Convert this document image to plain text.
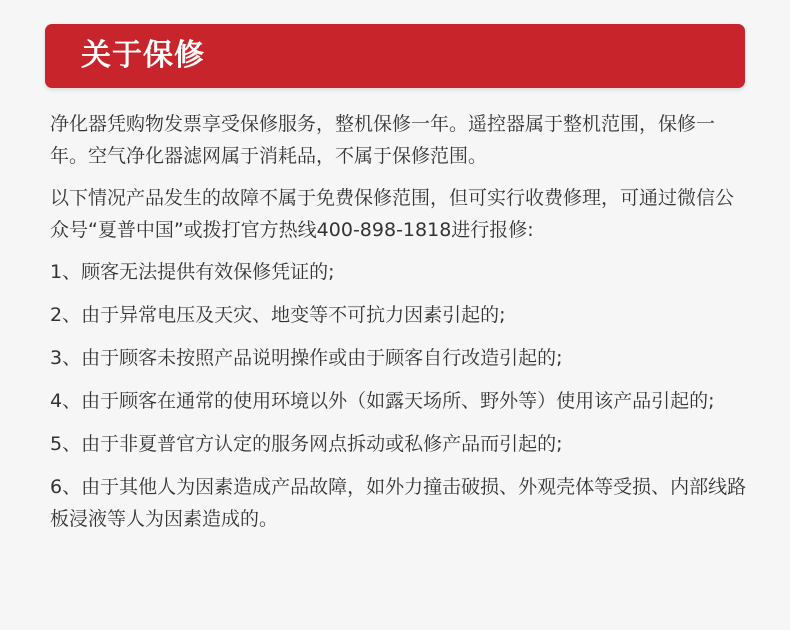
关于保修

净化器凭购物发票享受保修服务，整机保修一年。遥控器属于整机范围，保修一年。空气净化器滤网属于消耗品，不属于保修范围。

以下情况产品发生的故障不属于免费保修范围，但可实行收费修理，可通过微信公众号“夏普中国”或拨打官方热线400-898-1818进行报修:

1、顾客无法提供有效保修凭证的;

2、由于异常电压及天灾、地变等不可抗力因素引起的;

3、由于顾客未按照产品说明操作或由于顾客自行改造引起的;

4、由于顾客在通常的使用环境以外（如露天场所、野外等）使用该产品引起的;

5、由于非夏普官方认定的服务网点拆动或私修产品而引起的;

6、由于其他人为因素造成产品故障，如外力撞击破损、外观壳体等受损、内部线路板浸液等人为因素造成的。
